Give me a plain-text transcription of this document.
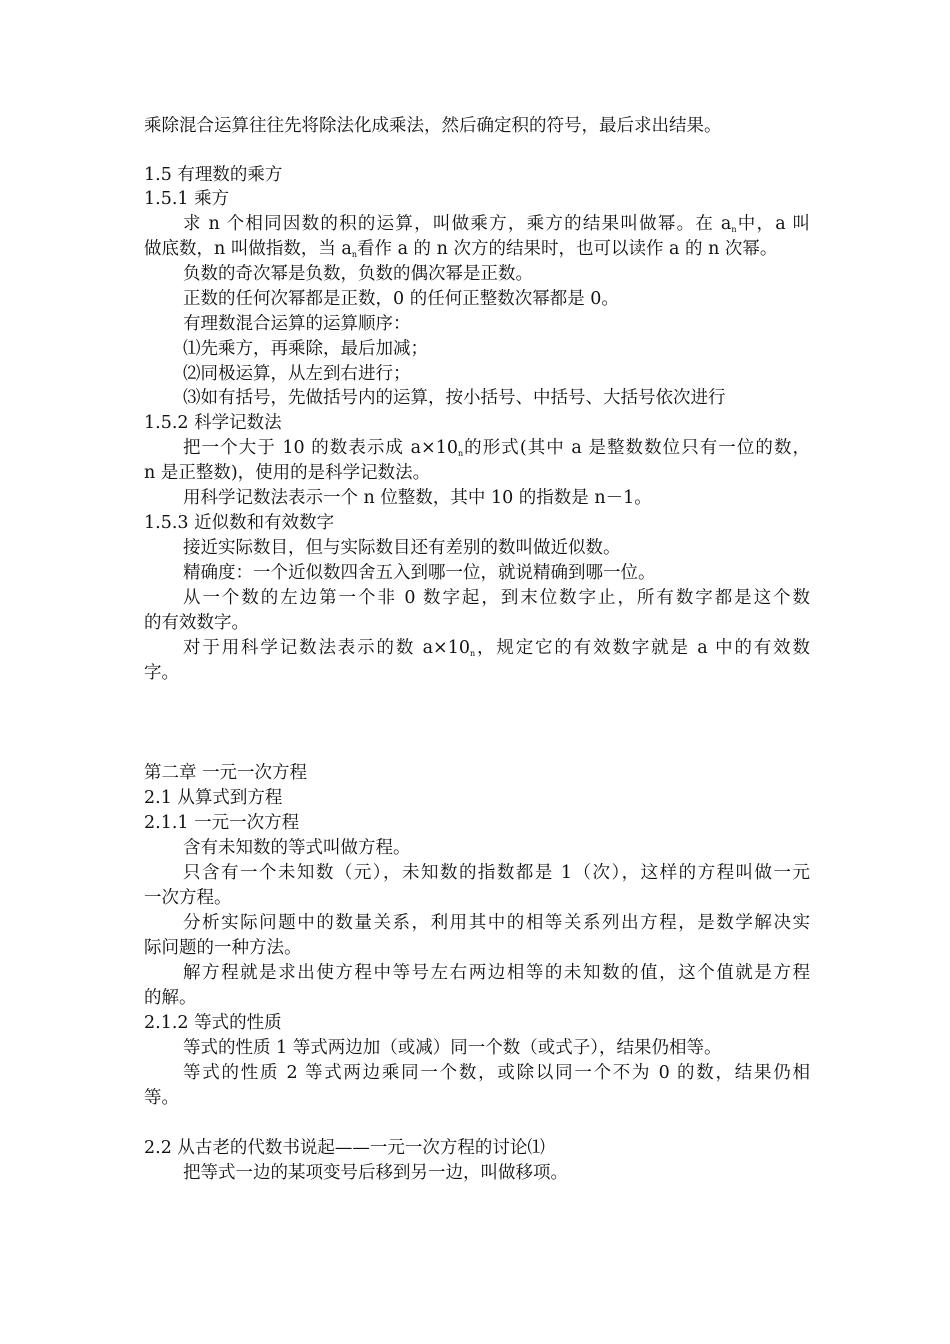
乘除混合运算往往先将除法化成乘法，然后确定积的符号，最后求出结果。
1.5 有理数的乘方
1.5.1 乘方
求 n 个相同因数的积的运算，叫做乘方，乘方的结果叫做幂。在 an中，a 叫
做底数，n 叫做指数，当 an看作 a 的 n 次方的结果时，也可以读作 a 的 n 次幂。
负数的奇次幂是负数，负数的偶次幂是正数。
正数的任何次幂都是正数，0 的任何正整数次幂都是 0。
有理数混合运算的运算顺序：
⑴先乘方，再乘除，最后加减；
⑵同极运算，从左到右进行；
⑶如有括号，先做括号内的运算，按小括号、中括号、大括号依次进行
1.5.2 科学记数法
把一个大于 10 的数表示成 a×10n的形式(其中 a 是整数数位只有一位的数，
n 是正整数)，使用的是科学记数法。
用科学记数法表示一个 n 位整数，其中 10 的指数是 n－1。
1.5.3 近似数和有效数字
接近实际数目，但与实际数目还有差别的数叫做近似数。
精确度：一个近似数四舍五入到哪一位，就说精确到哪一位。
从一个数的左边第一个非 0 数字起，到末位数字止，所有数字都是这个数
的有效数字。
对于用科学记数法表示的数 a×10n，规定它的有效数字就是 a 中的有效数
字。
第二章 一元一次方程
2.1 从算式到方程
2.1.1 一元一次方程
含有未知数的等式叫做方程。
只含有一个未知数（元），未知数的指数都是 1（次），这样的方程叫做一元
一次方程。
分析实际问题中的数量关系，利用其中的相等关系列出方程，是数学解决实
际问题的一种方法。
解方程就是求出使方程中等号左右两边相等的未知数的值，这个值就是方程
的解。
2.1.2 等式的性质
等式的性质 1 等式两边加（或减）同一个数（或式子），结果仍相等。
等式的性质 2 等式两边乘同一个数，或除以同一个不为 0 的数，结果仍相
等。
2.2 从古老的代数书说起——一元一次方程的讨论⑴
把等式一边的某项变号后移到另一边，叫做移项。
